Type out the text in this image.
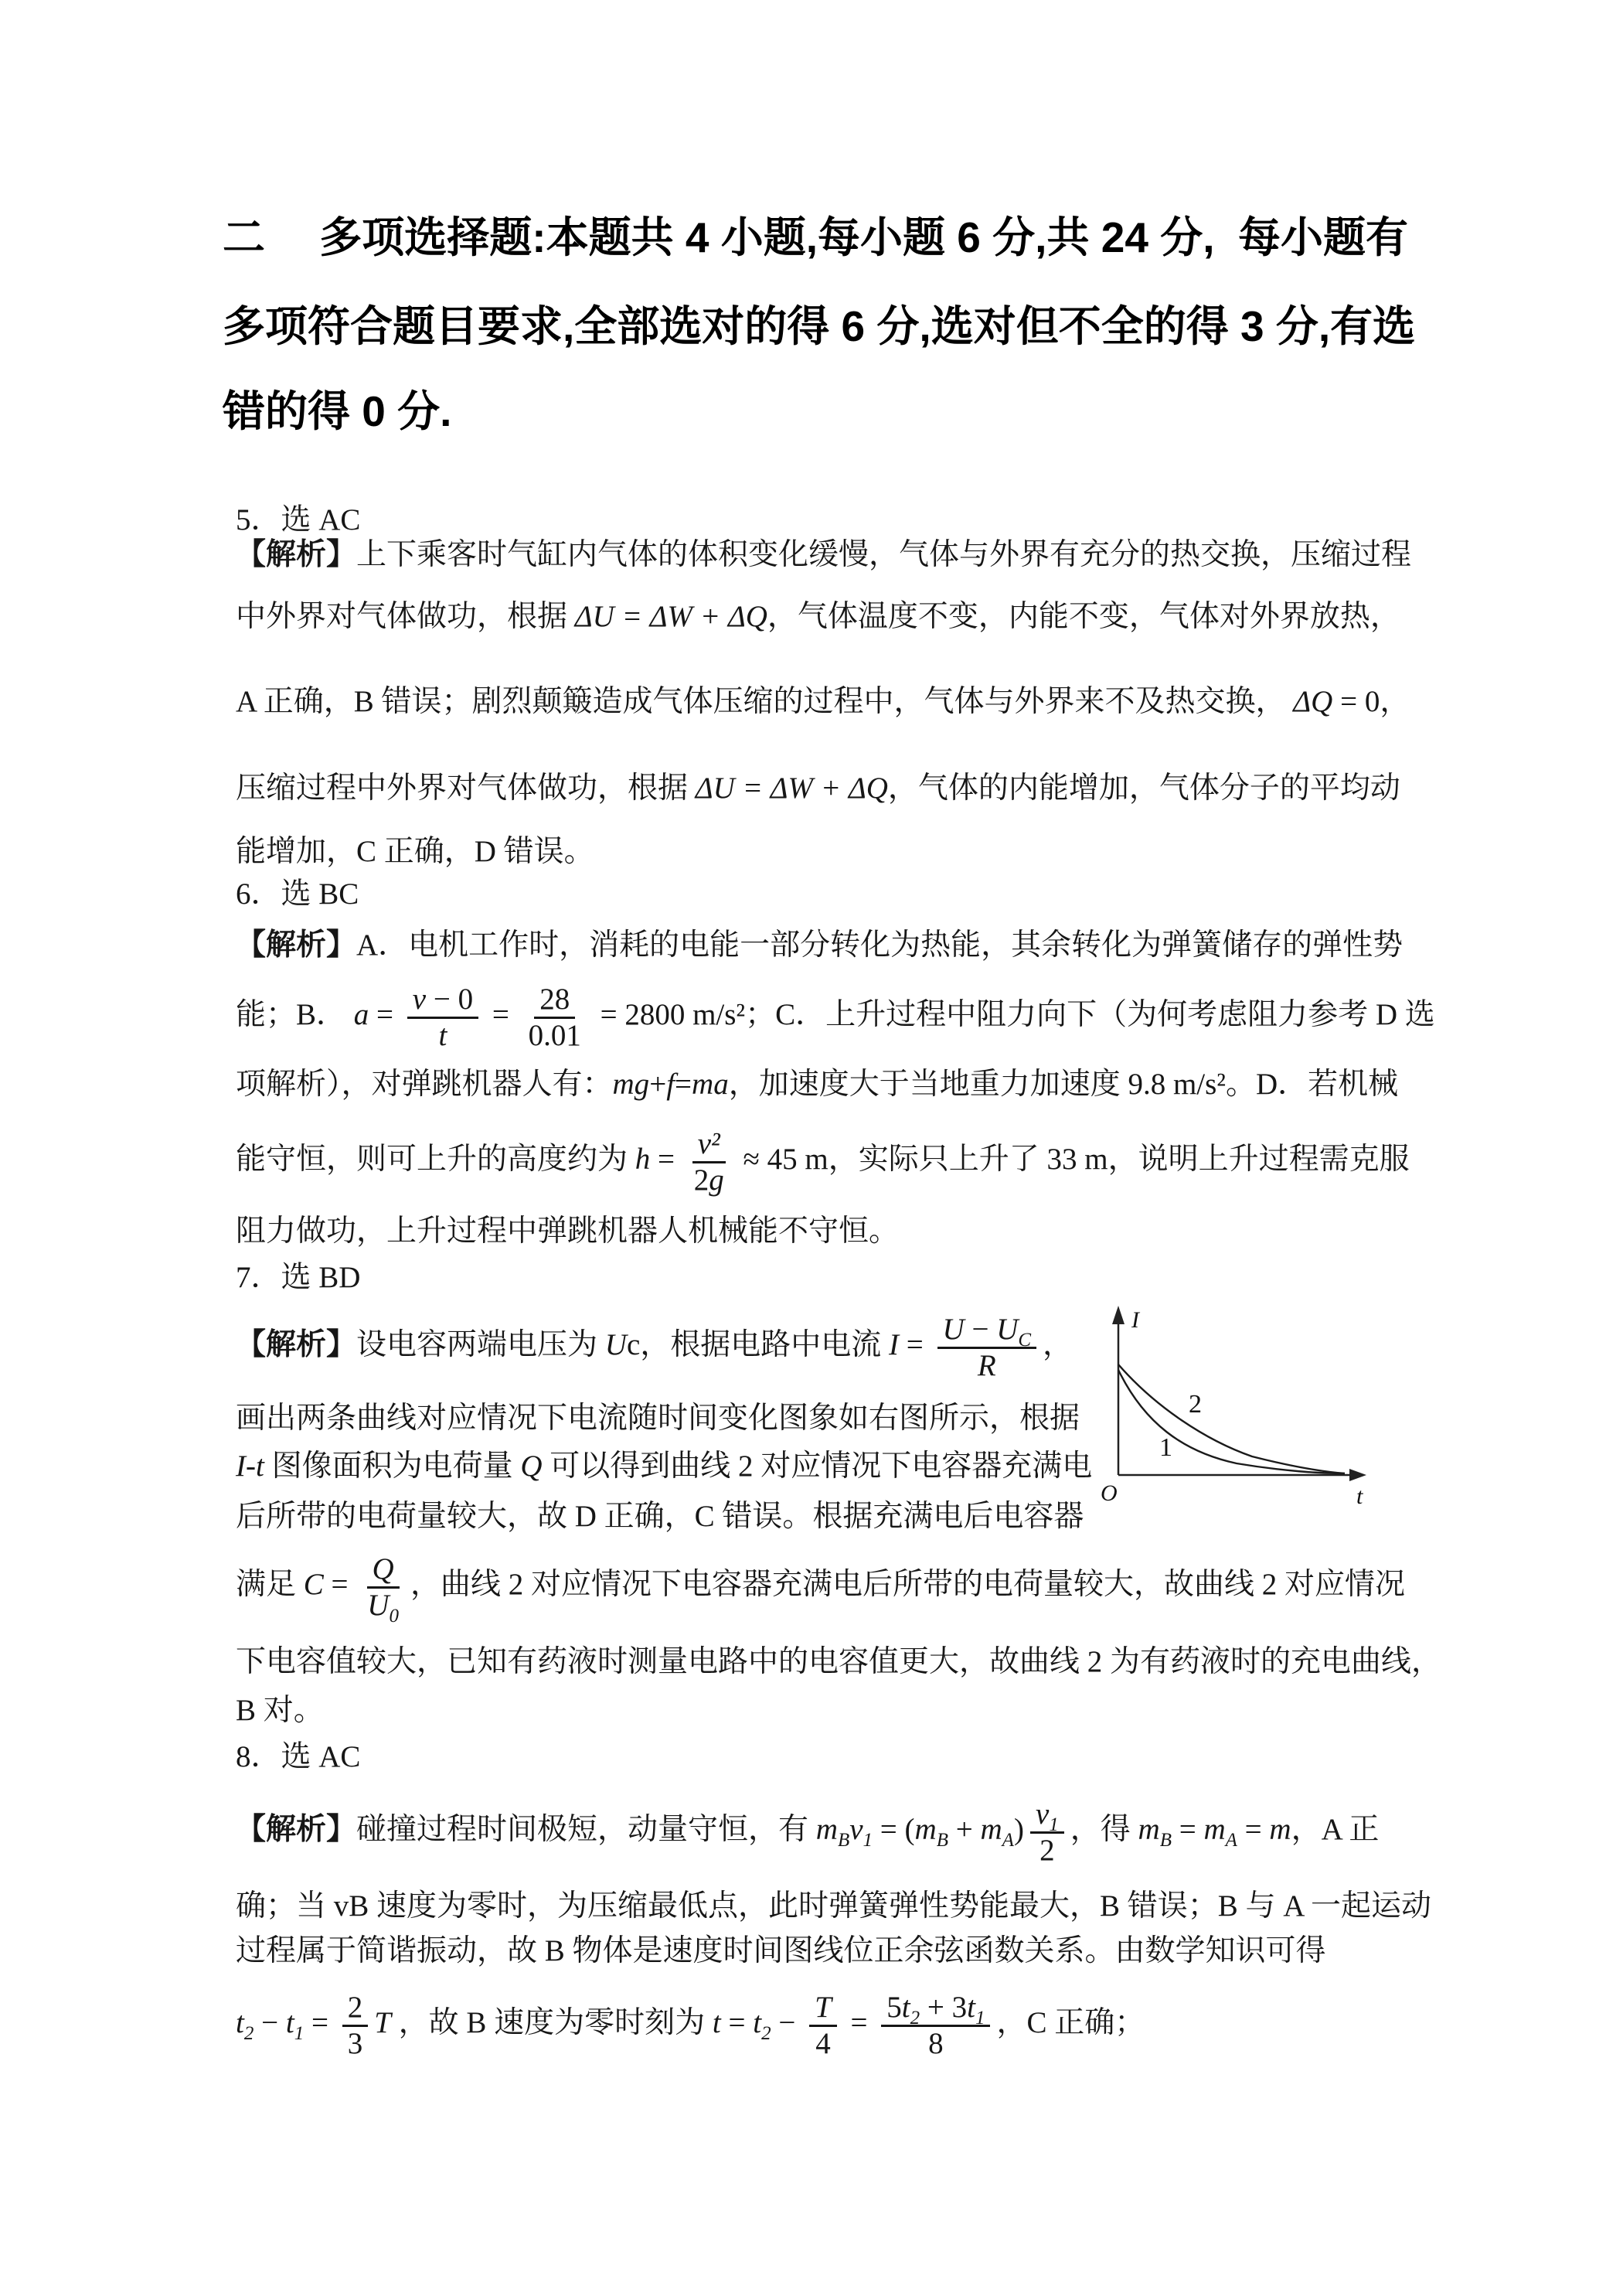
二　 多项选择题:本题共 4 小题,每小题 6 分,共 24 分,  每小题有
多项符合题目要求,全部选对的得 6 分,选对但不全的得 3 分,有选
错的得 0 分.
5．选 AC
【解析】上下乘客时气缸内气体的体积变化缓慢，气体与外界有充分的热交换，压缩过程
中外界对气体做功，根据 ΔU = ΔW + ΔQ，气体温度不变，内能不变，气体对外界放热，
A 正确，B 错误；剧烈颠簸造成气体压缩的过程中，气体与外界来不及热交换， ΔQ = 0，
压缩过程中外界对气体做功，根据 ΔU = ΔW + ΔQ，气体的内能增加，气体分子的平均动
能增加，C 正确，D 错误。
6．选 BC
【解析】A．电机工作时，消耗的电能一部分转化为热能，其余转化为弹簧储存的弹性势
能；B． $a = \frac{v - 0}{t} = \frac{28}{0.01} = 2800$ m/s²；C．上升过程中阻力向下（为何考虑阻力参考 D 选
项解析），对弹跳机器人有：mg+f=ma，加速度大于当地重力加速度 9.8 m/s²。D．若机械
能守恒，则可上升的高度约为 $h = \frac{\text{v²}}{2g} \approx 45$ m，实际只上升了 33 m，说明上升过程需克服
阻力做功，上升过程中弹跳机器人机械能不守恒。
7．选 BD
【解析】设电容两端电压为 Uc，根据电路中电流 $I = \frac{U - U_C}{R}$ ，
画出两条曲线对应情况下电流随时间变化图象如右图所示，根据
I-t 图像面积为电荷量 Q 可以得到曲线 2 对应情况下电容器充满电
后所带的电荷量较大，故 D 正确，C 错误。根据充满电后电容器
满足 $C = \frac{Q}{U_0}$ ，曲线 2 对应情况下电容器充满电后所带的电荷量较大，故曲线 2 对应情况
下电容值较大，已知有药液时测量电路中的电容值更大，故曲线 2 为有药液时的充电曲线，
B 对。
I
t
O
2
1
8．选 AC
【解析】碰撞过程时间极短，动量守恒，有 $m_Bv_1 = (m_B + m_A) \frac{v_1}{2}$ ，得 $m_B = m_A = m$，A 正
确；当 vB 速度为零时，为压缩最低点，此时弹簧弹性势能最大，B 错误；B 与 A 一起运动
过程属于简谐振动，故 B 物体是速度时间图线位正余弦函数关系。由数学知识可得
$t_2 - t_1 = \frac{2}{3}$ T ，故 B 速度为零时刻为 $t = t_2 - \frac{T}{4} = \frac{5t_2 + 3t_1}{8}$ ，C 正确；
